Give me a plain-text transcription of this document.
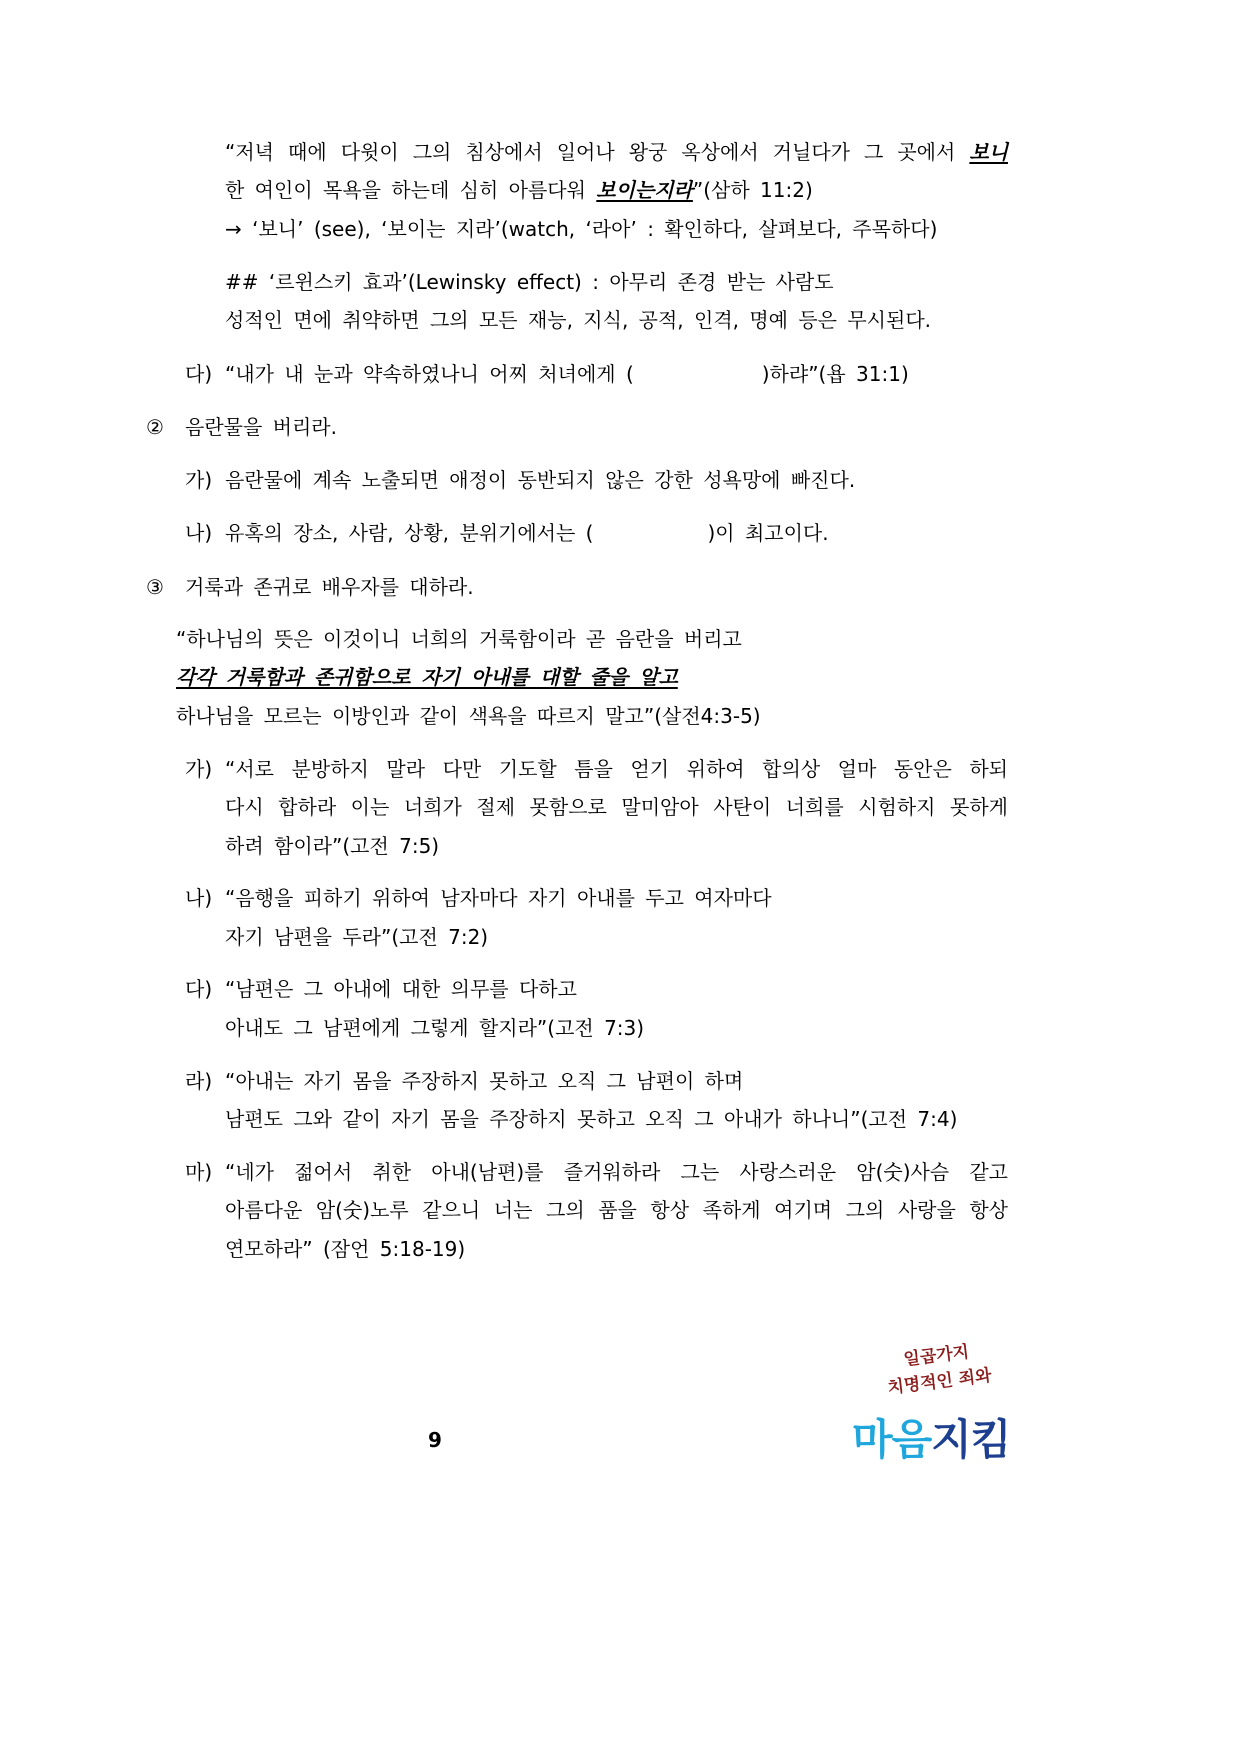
“저녁 때에 다윗이 그의 침상에서 일어나 왕궁 옥상에서 거닐다가 그 곳에서 보니
한 여인이 목욕을 하는데 심히 아름다워 보이는지라”(삼하 11:2)
→ ‘보니’ (see), ‘보이는 지라’(watch, ‘라아’ : 확인하다, 살펴보다, 주목하다)
## ‘르윈스키 효과’(Lewinsky effect) : 아무리 존경 받는 사람도
성적인 면에 취약하면 그의 모든 재능, 지식, 공적, 인격, 명예 등은 무시된다.
다) “내가 내 눈과 약속하였나니 어찌 처녀에게 (	)하랴”(욥 31:1)
② 음란물을 버리라.
가) 음란물에 계속 노출되면 애정이 동반되지 않은 강한 성욕망에 빠진다.
나) 유혹의 장소, 사람, 상황, 분위기에서는 (	)이 최고이다.
③ 거룩과 존귀로 배우자를 대하라.
“하나님의 뜻은 이것이니 너희의 거룩함이라 곧 음란을 버리고
각각 거룩함과 존귀함으로 자기 아내를 대할 줄을 알고
하나님을 모르는 이방인과 같이 색욕을 따르지 말고”(살전4:3-5)
가) “서로 분방하지 말라 다만 기도할 틈을 얻기 위하여 합의상 얼마 동안은 하되
다시 합하라 이는 너희가 절제 못함으로 말미암아 사탄이 너희를 시험하지 못하게
하려 함이라”(고전 7:5)
나) “음행을 피하기 위하여 남자마다 자기 아내를 두고 여자마다
자기 남편을 두라”(고전 7:2)
다) “남편은 그 아내에 대한 의무를 다하고
아내도 그 남편에게 그렇게 할지라”(고전 7:3)
라) “아내는 자기 몸을 주장하지 못하고 오직 그 남편이 하며
남편도 그와 같이 자기 몸을 주장하지 못하고 오직 그 아내가 하나니”(고전 7:4)
마) “네가 젊어서 취한 아내(남편)를 즐거워하라 그는 사랑스러운 암(숫)사슴 같고
아름다운 암(숫)노루 같으니 너는 그의 품을 항상 족하게 여기며 그의 사랑을 항상
연모하라” (잠언 5:18-19)
일곱가지
치명적인 죄와
마음지킴
9
